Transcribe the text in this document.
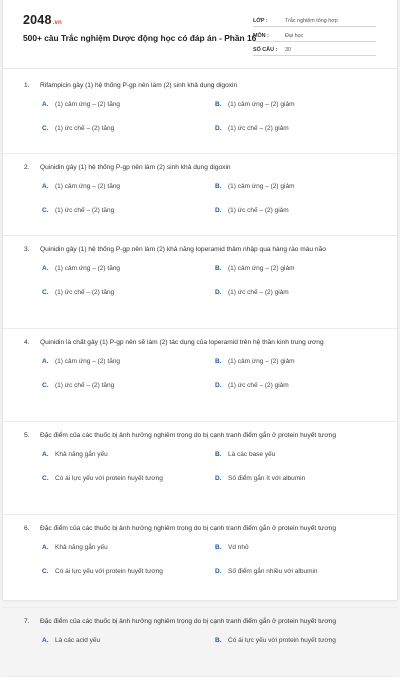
2048.vn
500+ câu Trắc nghiệm Dược động học có đáp án - Phần 16
LỚP :	Trắc nghiệm tổng hợp
MÔN :	Đại học
SỐ CÂU :	30
1.	Rifampicin gây (1) hệ thống P-gp nên làm (2) sinh khả dụng digoxin
A.	(1) cảm ứng – (2) tăng	B.	(1) cảm ứng – (2) giảm
C.	(1) ức chế – (2) tăng	D.	(1) ức chế – (2) giảm
2.	Quinidin gây (1) hệ thống P-gp nên làm (2) sinh khả dụng digoxin
A.	(1) cảm ứng – (2) tăng	B.	(1) cảm ứng – (2) giảm
C.	(1) ức chế – (2) tăng	D.	(1) ức chế – (2) giảm
3.	Quinidin gây (1) hệ thống P-gp nên làm (2) khả năng loperamid thâm nhập qua hàng rào máu não
A.	(1) cảm ứng – (2) tăng	B.	(1) cảm ứng – (2) giảm
C.	(1) ức chế – (2) tăng	D.	(1) ức chế – (2) giảm
4.	Quinidin là chất gây (1) P-gp nên sẽ làm (2) tác dụng của loperamid trên hệ thần kinh trung ương
A.	(1) cảm ứng – (2) tăng	B.	(1) cảm ứng – (2) giảm
C.	(1) ức chế – (2) tăng	D.	(1) ức chế – (2) giảm
5.	Đặc điểm của các thuốc bị ảnh hưởng nghiêm trọng do bị cạnh tranh điểm gắn ở protein huyết tương
A.	Khả năng gắn yếu	B.	Là các base yếu
C.	Có ái lực yếu với protein huyết tương	D.	Số điểm gắn ít với albumin
6.	Đặc điểm của các thuốc bị ảnh hưởng nghiêm trọng do bị cạnh tranh điểm gắn ở protein huyết tương
A.	Khả năng gắn yếu	B.	Vd nhỏ
C.	Có ái lực yếu với protein huyết tương	D.	Số điểm gắn nhiều với albumin
7.	Đặc điểm của các thuốc bị ảnh hưởng nghiêm trọng do bị cạnh tranh điểm gắn ở protein huyết tương
A.	Là các acid yếu	B.	Có ái lực yếu với protein huyết tương
